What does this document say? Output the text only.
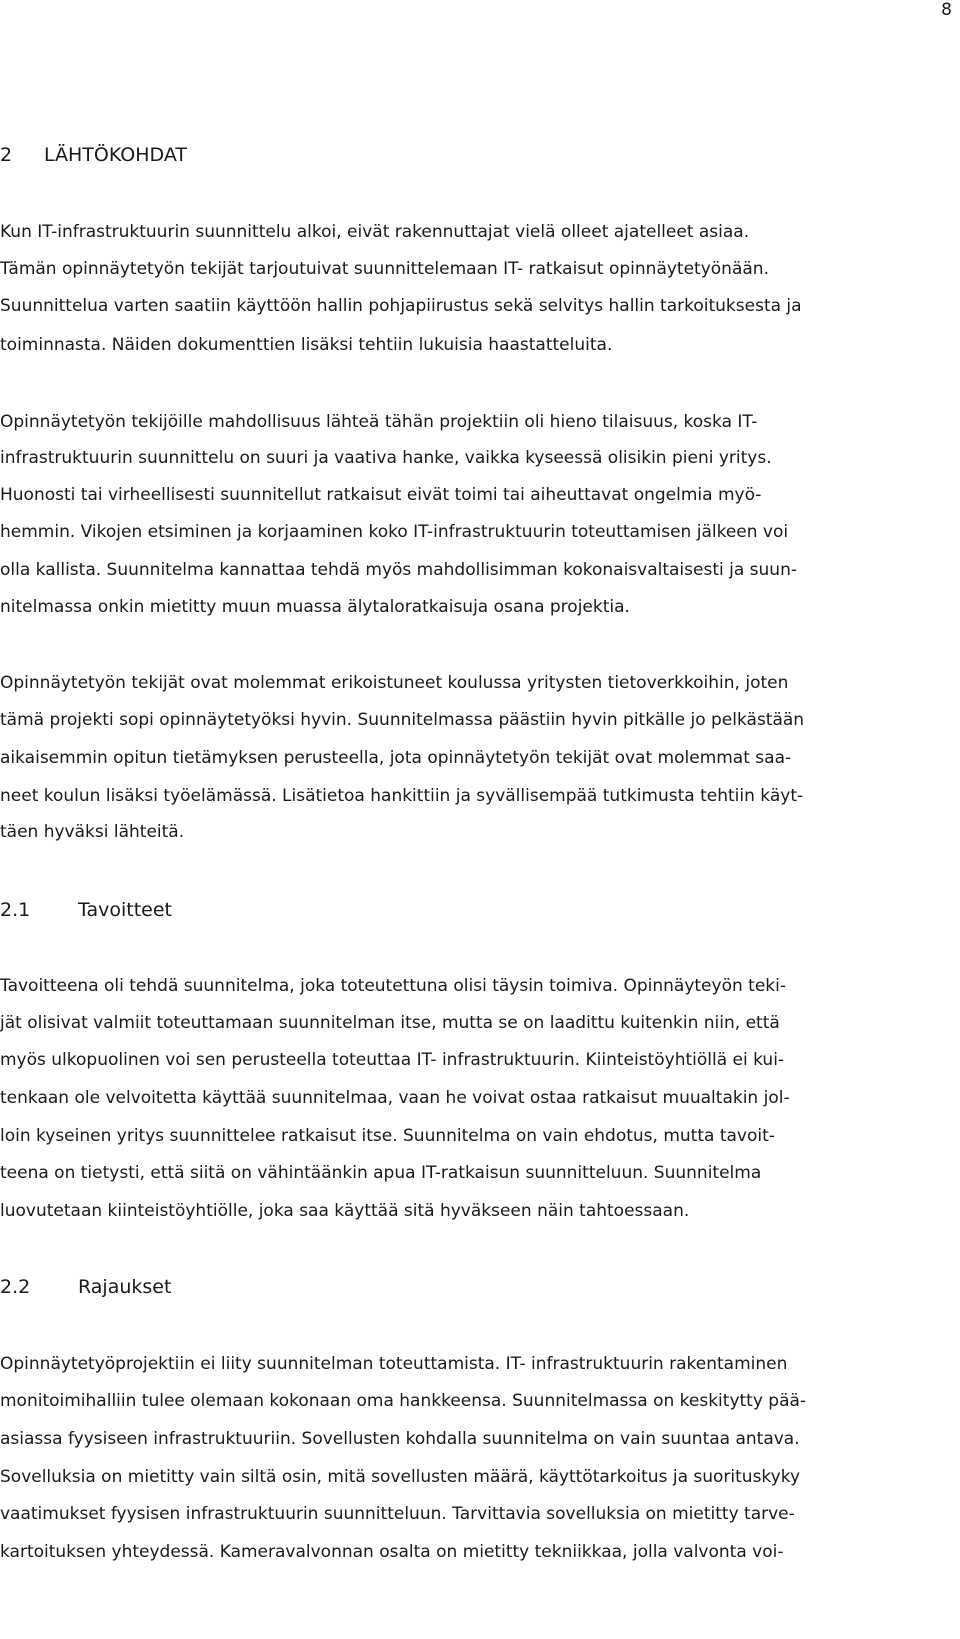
8
2 LÄHTÖKOHDAT
Kun IT-infrastruktuurin suunnittelu alkoi, eivät rakennuttajat vielä olleet ajatelleet asiaa.
Tämän opinnäytetyön tekijät tarjoutuivat suunnittelemaan IT- ratkaisut opinnäytetyönään.
Suunnittelua varten saatiin käyttöön hallin pohjapiirustus sekä selvitys hallin tarkoituksesta ja
toiminnasta. Näiden dokumenttien lisäksi tehtiin lukuisia haastatteluita.
Opinnäytetyön tekijöille mahdollisuus lähteä tähän projektiin oli hieno tilaisuus, koska IT-
infrastruktuurin suunnittelu on suuri ja vaativa hanke, vaikka kyseessä olisikin pieni yritys.
Huonosti tai virheellisesti suunnitellut ratkaisut eivät toimi tai aiheuttavat ongelmia myö-
hemmin. Vikojen etsiminen ja korjaaminen koko IT-infrastruktuurin toteuttamisen jälkeen voi
olla kallista. Suunnitelma kannattaa tehdä myös mahdollisimman kokonaisvaltaisesti ja suun-
nitelmassa onkin mietitty muun muassa älytaloratkaisuja osana projektia.
Opinnäytetyön tekijät ovat molemmat erikoistuneet koulussa yritysten tietoverkkoihin, joten
tämä projekti sopi opinnäytetyöksi hyvin. Suunnitelmassa päästiin hyvin pitkälle jo pelkästään
aikaisemmin opitun tietämyksen perusteella, jota opinnäytetyön tekijät ovat molemmat saa-
neet koulun lisäksi työelämässä. Lisätietoa hankittiin ja syvällisempää tutkimusta tehtiin käyt-
täen hyväksi lähteitä.
2.1	Tavoitteet
Tavoitteena oli tehdä suunnitelma, joka toteutettuna olisi täysin toimiva. Opinnäyteyön teki-
jät olisivat valmiit toteuttamaan suunnitelman itse, mutta se on laadittu kuitenkin niin, että
myös ulkopuolinen voi sen perusteella toteuttaa IT- infrastruktuurin. Kiinteistöyhtiöllä ei kui-
tenkaan ole velvoitetta käyttää suunnitelmaa, vaan he voivat ostaa ratkaisut muualtakin jol-
loin kyseinen yritys suunnittelee ratkaisut itse. Suunnitelma on vain ehdotus, mutta tavoit-
teena on tietysti, että siitä on vähintäänkin apua IT-ratkaisun suunnitteluun. Suunnitelma
luovutetaan kiinteistöyhtiölle, joka saa käyttää sitä hyväkseen näin tahtoessaan.
2.2	Rajaukset
Opinnäytetyöprojektiin ei liity suunnitelman toteuttamista. IT- infrastruktuurin rakentaminen
monitoimihalliin tulee olemaan kokonaan oma hankkeensa. Suunnitelmassa on keskitytty pää-
asiassa fyysiseen infrastruktuuriin. Sovellusten kohdalla suunnitelma on vain suuntaa antava.
Sovelluksia on mietitty vain siltä osin, mitä sovellusten määrä, käyttötarkoitus ja suorituskyky
vaatimukset fyysisen infrastruktuurin suunnitteluun. Tarvittavia sovelluksia on mietitty tarve-
kartoituksen yhteydessä. Kameravalvonnan osalta on mietitty tekniikkaa, jolla valvonta voi-
